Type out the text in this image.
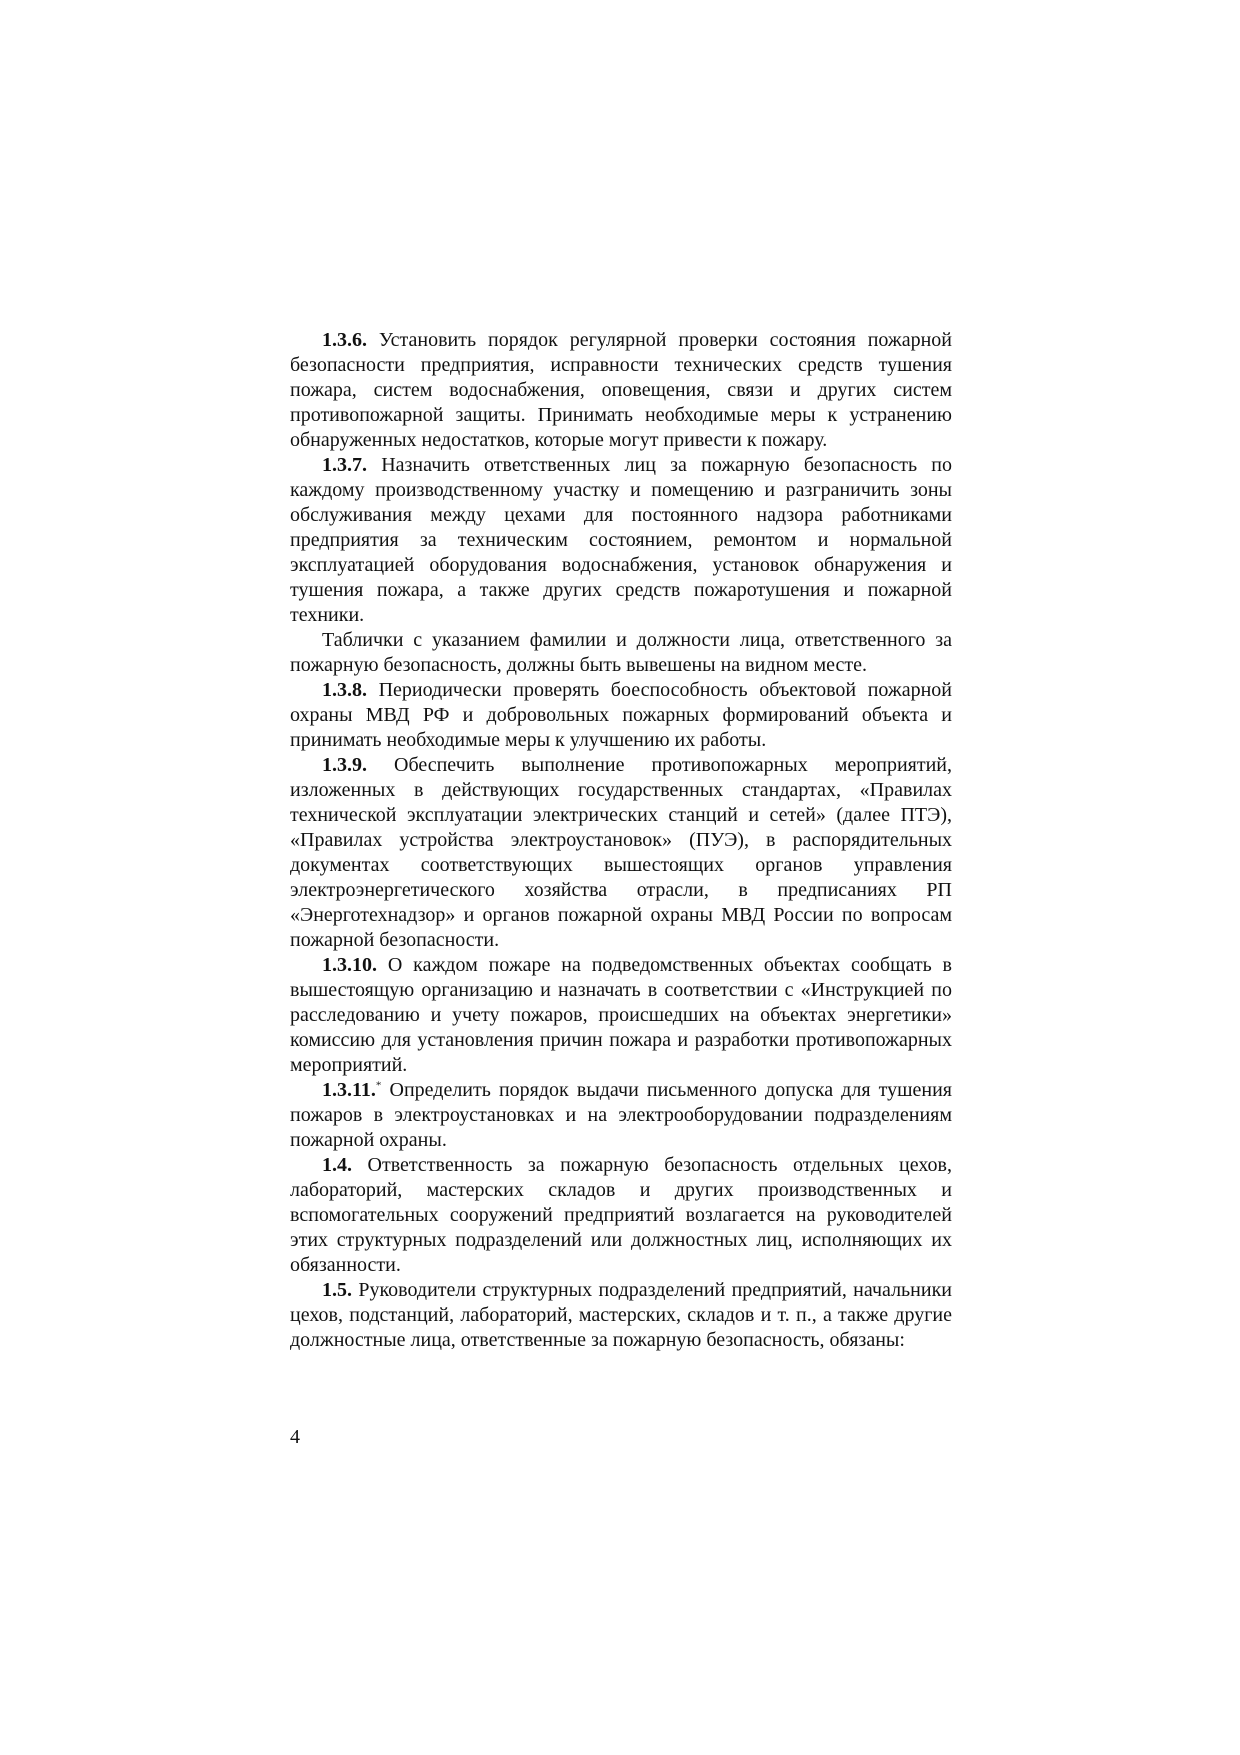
1.3.6. Установить порядок регулярной проверки состояния пожарной безопасности предприятия, исправности технических средств тушения пожара, систем водоснабжения, оповещения, связи и других систем противопожарной защиты. Принимать необходимые меры к устранению обнаруженных недостатков, которые могут привести к пожару.

1.3.7. Назначить ответственных лиц за пожарную безопасность по каждому производственному участку и помещению и разграничить зоны обслуживания между цехами для постоянного надзора работниками предприятия за техническим состоянием, ремонтом и нормальной эксплуатацией оборудования водоснабжения, установок обнаружения и тушения пожара, а также других средств пожаротушения и пожарной техники.

Таблички с указанием фамилии и должности лица, ответственного за пожарную безопасность, должны быть вывешены на видном месте.

1.3.8. Периодически проверять боеспособность объектовой пожарной охраны МВД РФ и добровольных пожарных формирований объекта и принимать необходимые меры к улучшению их работы.

1.3.9. Обеспечить выполнение противопожарных мероприятий, изложенных в действующих государственных стандартах, «Правилах технической эксплуатации электрических станций и сетей» (далее ПТЭ), «Правилах устройства электроустановок» (ПУЭ), в распорядительных документах соответствующих вышестоящих органов управления электроэнергетического хозяйства отрасли, в предписаниях РП «Энерготехнадзор» и органов пожарной охраны МВД России по вопросам пожарной безопасности.

1.3.10. О каждом пожаре на подведомственных объектах сообщать в вышестоящую организацию и назначать в соответствии с «Инструкцией по расследованию и учету пожаров, происшедших на объектах энергетики» комиссию для установления причин пожара и разработки противопожарных мероприятий.

1.3.11.* Определить порядок выдачи письменного допуска для тушения пожаров в электроустановках и на электрооборудовании подразделениям пожарной охраны.

1.4. Ответственность за пожарную безопасность отдельных цехов, лабораторий, мастерских складов и других производственных и вспомогательных сооружений предприятий возлагается на руководителей этих структурных подразделений или должностных лиц, исполняющих их обязанности.

1.5. Руководители структурных подразделений предприятий, начальники цехов, подстанций, лабораторий, мастерских, складов и т. п., а также другие должностные лица, ответственные за пожарную безопасность, обязаны:

4
